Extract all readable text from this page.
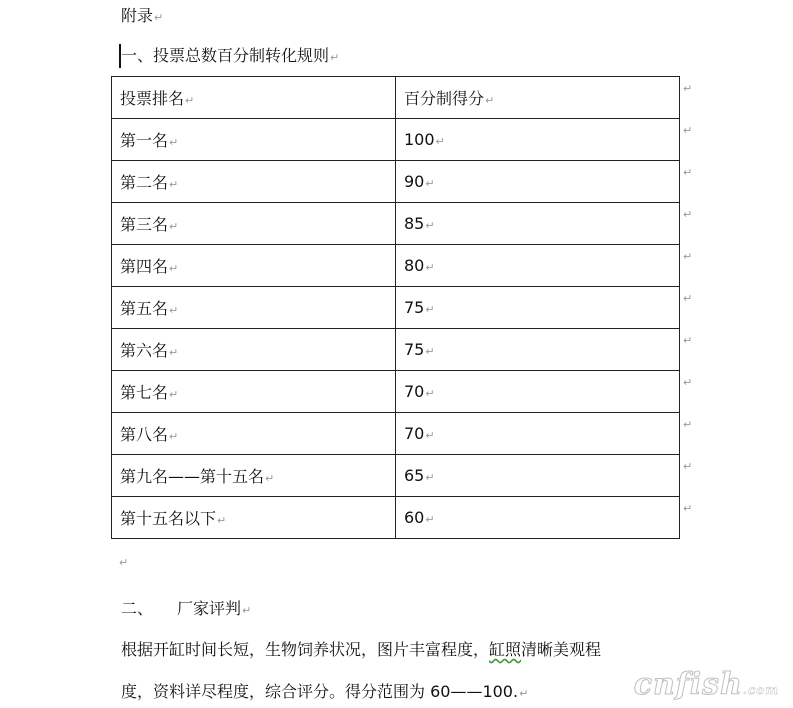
附录↵
一、投票总数百分制转化规则↵
投票排名↵	百分制得分↵
第一名↵	100↵
第二名↵	90↵
第三名↵	85↵
第四名↵	80↵
第五名↵	75↵
第六名↵	75↵
第七名↵	70↵
第八名↵	70↵
第九名——第十五名↵	65↵
第十五名以下↵	60↵
↵
↵
↵
↵
↵
↵
↵
↵
↵
↵
↵
↵
二、 厂家评判↵
根据开缸时间长短，生物饲养状况，图片丰富程度，缸照清晰美观程
度，资料详尽程度，综合评分。得分范围为 60——100.↵	cnfish.com
